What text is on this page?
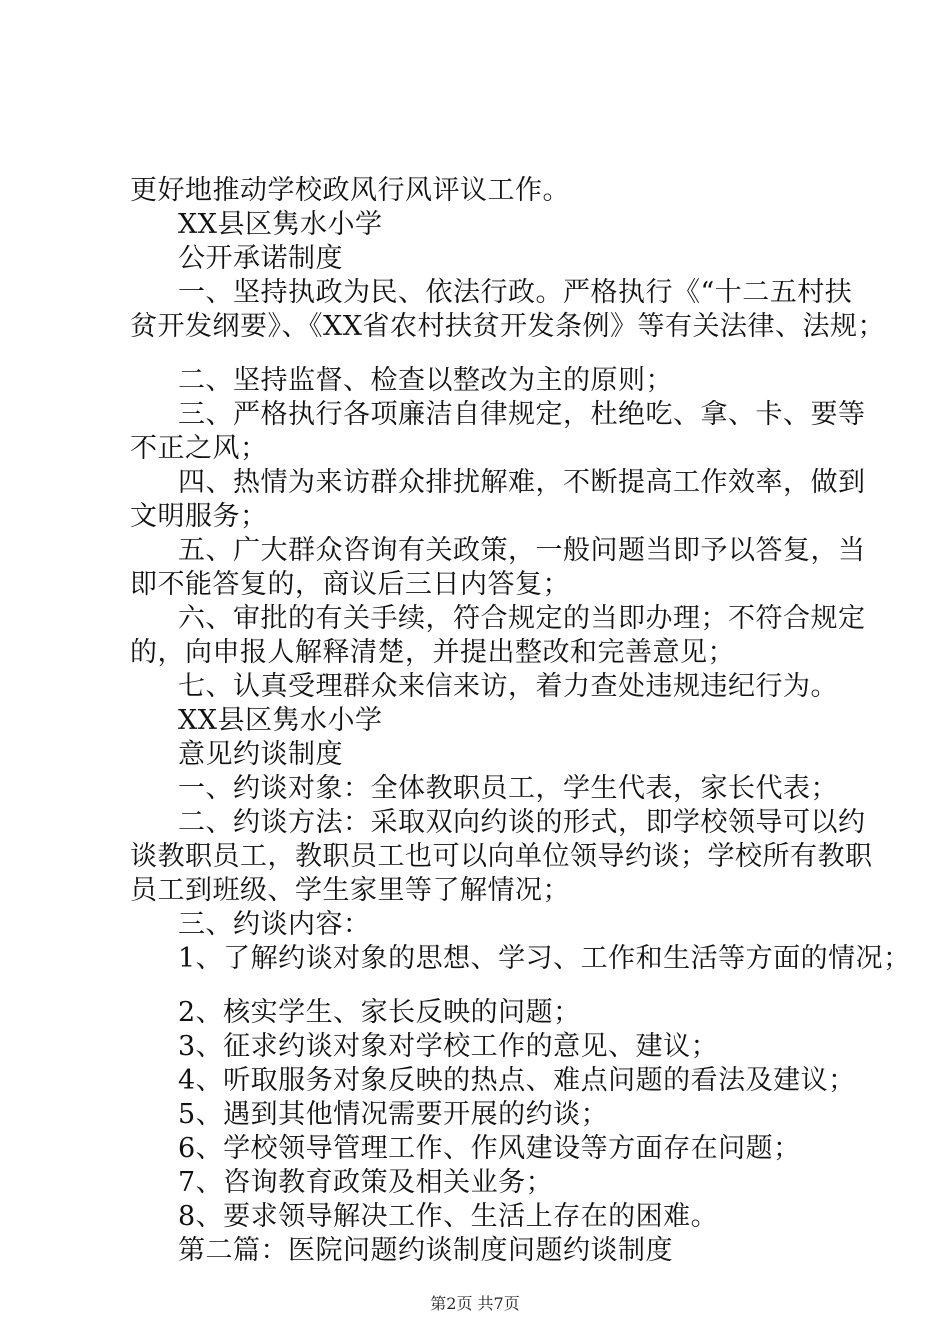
更好地推动学校政风行风评议工作。
XX县区隽水小学
公开承诺制度
一、坚持执政为民、依法行政。严格执行《“十二五村扶
贫开发纲要》、《XX省农村扶贫开发条例》等有关法律、法规；
二、坚持监督、检查以整改为主的原则；
三、严格执行各项廉洁自律规定，杜绝吃、拿、卡、要等
不正之风；
四、热情为来访群众排扰解难，不断提高工作效率，做到
文明服务；
五、广大群众咨询有关政策，一般问题当即予以答复，当
即不能答复的，商议后三日内答复；
六、审批的有关手续，符合规定的当即办理；不符合规定
的，向申报人解释清楚，并提出整改和完善意见；
七、认真受理群众来信来访，着力查处违规违纪行为。
XX县区隽水小学
意见约谈制度
一、约谈对象：全体教职员工，学生代表，家长代表；
二、约谈方法：采取双向约谈的形式，即学校领导可以约
谈教职员工，教职员工也可以向单位领导约谈；学校所有教职
员工到班级、学生家里等了解情况；
三、约谈内容：
1、了解约谈对象的思想、学习、工作和生活等方面的情况；
2、核实学生、家长反映的问题；
3、征求约谈对象对学校工作的意见、建议；
4、听取服务对象反映的热点、难点问题的看法及建议；
5、遇到其他情况需要开展的约谈；
6、学校领导管理工作、作风建设等方面存在问题；
7、咨询教育政策及相关业务；
8、要求领导解决工作、生活上存在的困难。
第二篇：医院问题约谈制度问题约谈制度
第2页 共7页
